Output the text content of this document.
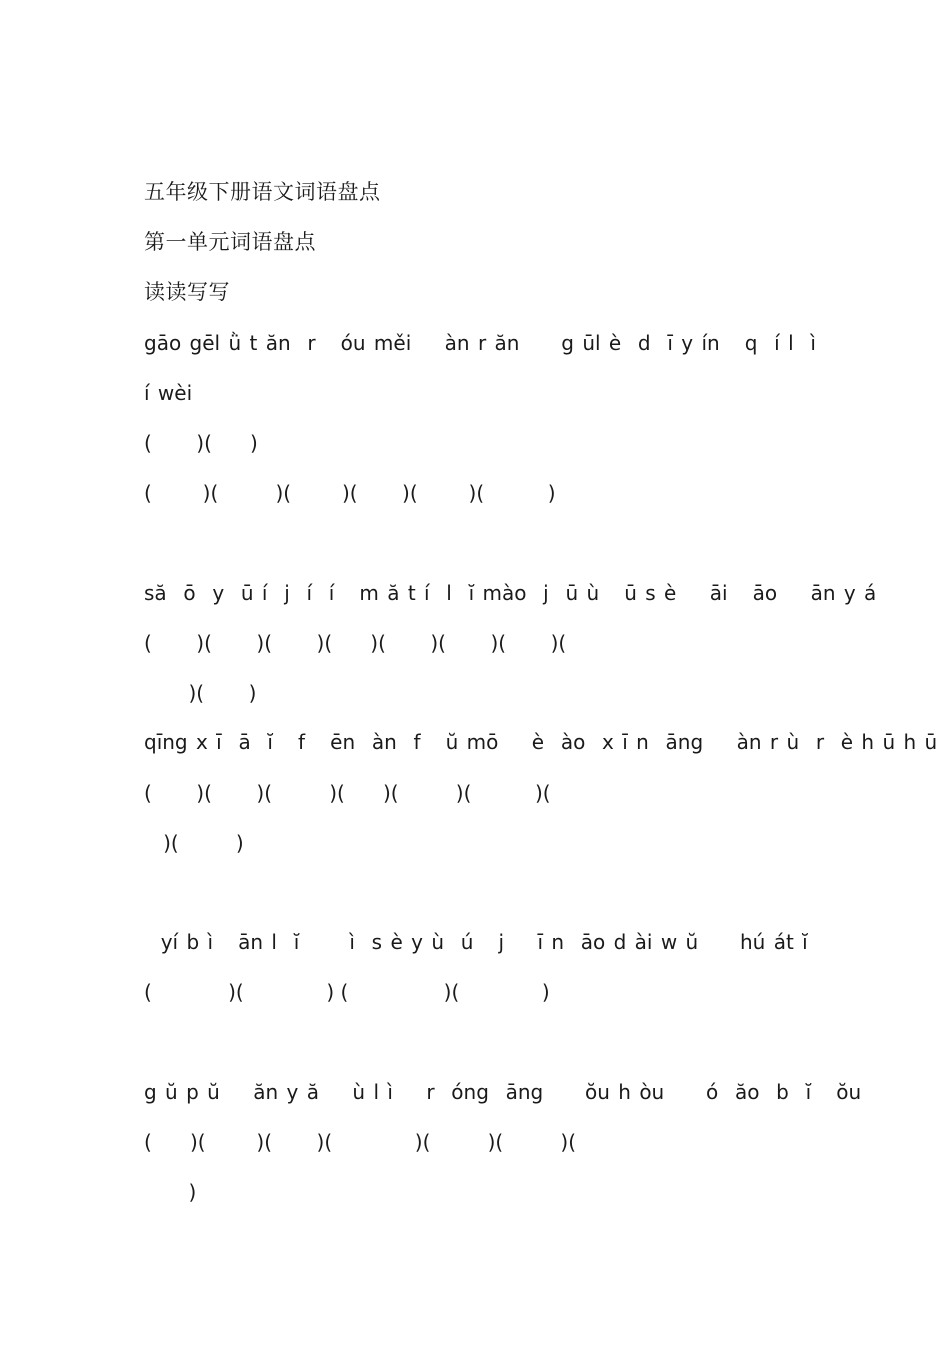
五年级下册语文词语盘点
第一单元词语盘点
读读写写
gāo gēl ǜ t ăn  r   óu měi    àn r ăn     g ūl è  d  ī y ín   q  í l  ì
í wèi
(       )(      )
(        )(         )(        )(       )(        )(          )
să  ō  y  ū í  j  í  í   m ă t í  l  ĭ mào  j  ū ù   ū s è    āi   āo    ān y á
(       )(       )(       )(      )(       )(       )(       )(
)(       )
qīng x ī  ā  ĭ   f   ēn  àn  f   ŭ mō    è  ào  x ī n  āng    àn r ù  r  è h ū h ū
(       )(       )(         )(      )(         )(          )(
)(         )
yí b ì   ān l  ĭ      ì  s è y ù  ú   j    ī n  āo d ài w ŭ     hú át ĭ
(            )(             ) (               )(             )
g ŭ p ŭ    ăn y ă    ù l ì    r  óng  āng     ŏu h òu     ó  ăo  b  ĭ   ŏu
(      )(        )(       )(             )(         )(         )(
)
